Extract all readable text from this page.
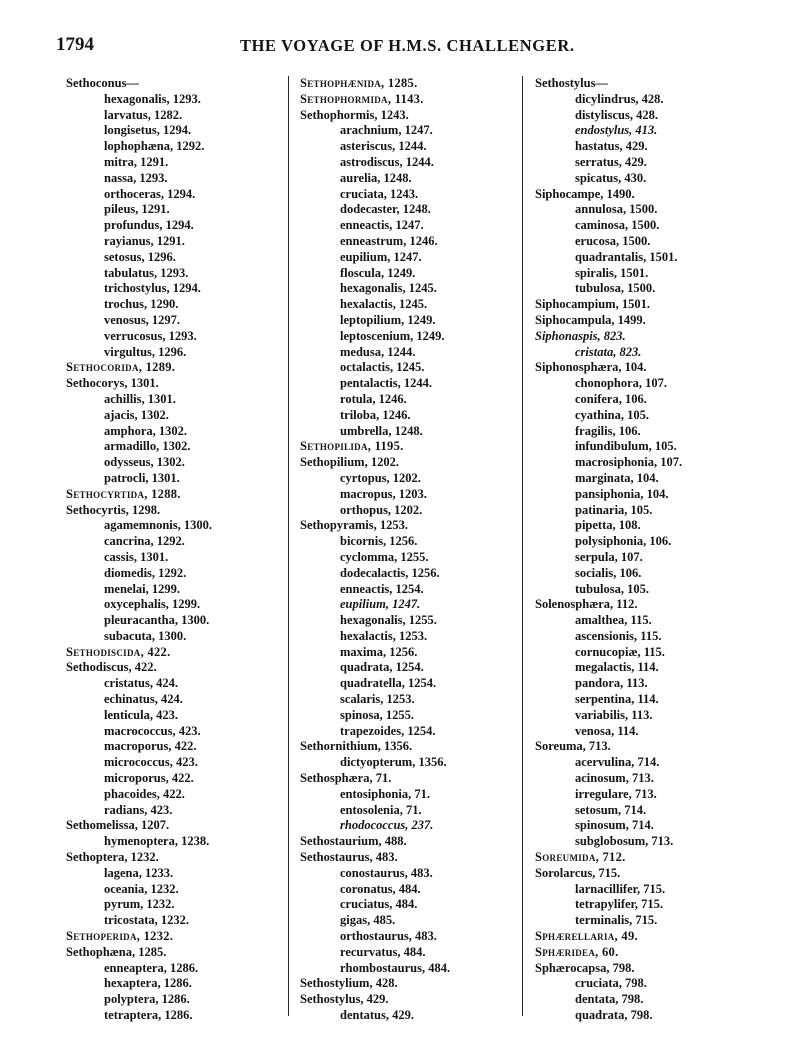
1794	THE VOYAGE OF H.M.S. CHALLENGER.
Sethoconus—
hexagonalis, 1293.
larvatus, 1282.
longisetus, 1294.
lophophæna, 1292.
mitra, 1291.
nassa, 1293.
orthoceras, 1294.
pileus, 1291.
profundus, 1294.
rayianus, 1291.
setosus, 1296.
tabulatus, 1293.
trichostylus, 1294.
trochus, 1290.
venosus, 1297.
verrucosus, 1293.
virgultus, 1296.
Sethocorida, 1289.
Sethocorys, 1301.
achillis, 1301.
ajacis, 1302.
amphora, 1302.
armadillo, 1302.
odysseus, 1302.
patrocli, 1301.
Sethocyrtida, 1288.
Sethocyrtis, 1298.
agamemnonis, 1300.
cancrina, 1292.
cassis, 1301.
diomedis, 1292.
menelai, 1299.
oxycephalis, 1299.
pleuracantha, 1300.
subacuta, 1300.
Sethodiscida, 422.
Sethodiscus, 422.
cristatus, 424.
echinatus, 424.
lenticula, 423.
macrococcus, 423.
macroporus, 422.
micrococcus, 423.
microporus, 422.
phacoides, 422.
radians, 423.
Sethomelissa, 1207.
hymenoptera, 1238.
Sethoptera, 1232.
lagena, 1233.
oceania, 1232.
pyrum, 1232.
tricostata, 1232.
Sethoperida, 1232.
Sethophæna, 1285.
enneaptera, 1286.
hexaptera, 1286.
polyptera, 1286.
tetraptera, 1286.
Sethophænida, 1285.
Sethophormida, 1143.
Sethophormis, 1243.
arachnium, 1247.
asteriscus, 1244.
astrodiscus, 1244.
aurelia, 1248.
cruciata, 1243.
dodecaster, 1248.
enneactis, 1247.
enneastrum, 1246.
eupilium, 1247.
floscula, 1249.
hexagonalis, 1245.
hexalactis, 1245.
leptopilium, 1249.
leptoscenium, 1249.
medusa, 1244.
octalactis, 1245.
pentalactis, 1244.
rotula, 1246.
triloba, 1246.
umbrella, 1248.
Sethopilida, 1195.
Sethopilium, 1202.
cyrtopus, 1202.
macropus, 1203.
orthopus, 1202.
Sethopyramis, 1253.
bicornis, 1256.
cyclomma, 1255.
dodecalactis, 1256.
enneactis, 1254.
eupilium, 1247.
hexagonalis, 1255.
hexalactis, 1253.
maxima, 1256.
quadrata, 1254.
quadratella, 1254.
scalaris, 1253.
spinosa, 1255.
trapezoides, 1254.
Sethornithium, 1356.
dictyopterum, 1356.
Sethosphæra, 71.
entosiphonia, 71.
entosolenia, 71.
rhodococcus, 237.
Sethostaurium, 488.
Sethostaurus, 483.
conostaurus, 483.
coronatus, 484.
cruciatus, 484.
gigas, 485.
orthostaurus, 483.
recurvatus, 484.
rhombostaurus, 484.
Sethostylium, 428.
Sethostylus, 429.
dentatus, 429.
Sethostylus—
dicylindrus, 428.
distyliscus, 428.
endostylus, 413.
hastatus, 429.
serratus, 429.
spicatus, 430.
Siphocampe, 1490.
annulosa, 1500.
caminosa, 1500.
erucosa, 1500.
quadrantalis, 1501.
spiralis, 1501.
tubulosa, 1500.
Siphocampium, 1501.
Siphocampula, 1499.
Siphonaspis, 823.
cristata, 823.
Siphonosphæra, 104.
chonophora, 107.
conifera, 106.
cyathina, 105.
fragilis, 106.
infundibulum, 105.
macrosiphonia, 107.
marginata, 104.
pansiphonia, 104.
patinaria, 105.
pipetta, 108.
polysiphonia, 106.
serpula, 107.
socialis, 106.
tubulosa, 105.
Solenosphæra, 112.
amalthea, 115.
ascensionis, 115.
cornucopiæ, 115.
megalactis, 114.
pandora, 113.
serpentina, 114.
variabilis, 113.
venosa, 114.
Soreuma, 713.
acervulina, 714.
acinosum, 713.
irregulare, 713.
setosum, 714.
spinosum, 714.
subglobosum, 713.
Soreumida, 712.
Sorolarcus, 715.
larnacillifer, 715.
tetrapylifer, 715.
terminalis, 715.
Sphærellaria, 49.
Sphæridea, 60.
Sphærocapsa, 798.
cruciata, 798.
dentata, 798.
quadrata, 798.
